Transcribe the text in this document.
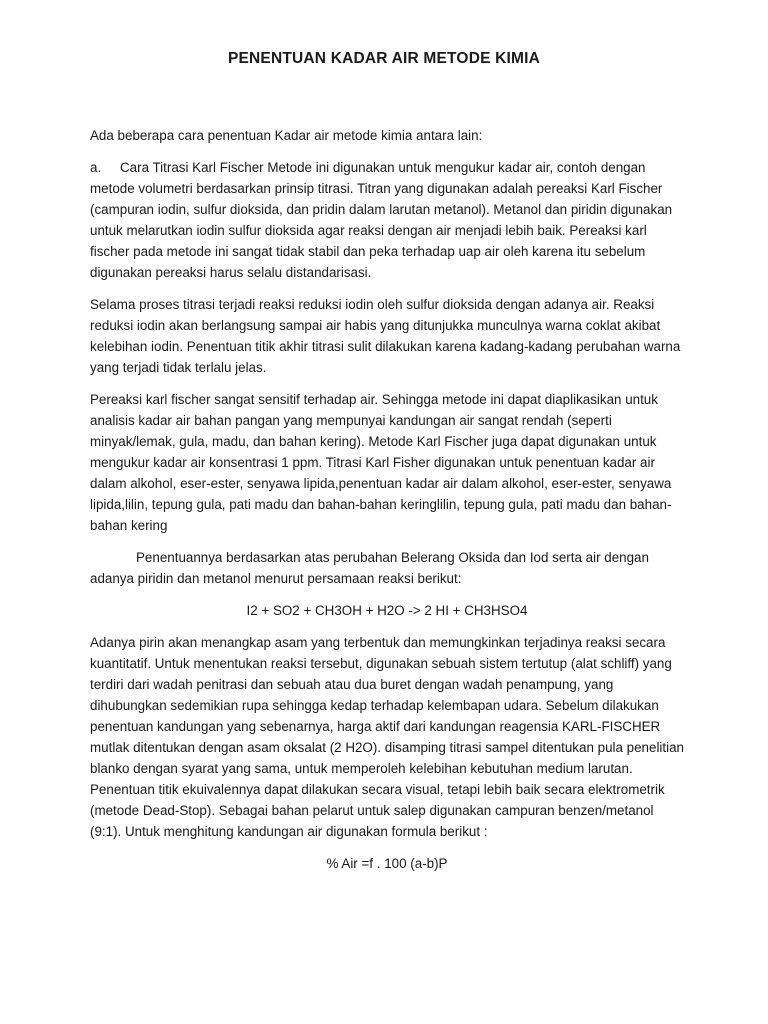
PENENTUAN KADAR AIR METODE KIMIA

Ada beberapa cara penentuan Kadar air metode kimia antara lain:

a. Cara Titrasi Karl Fischer Metode ini digunakan untuk mengukur kadar air, contoh dengan metode volumetri berdasarkan prinsip titrasi. Titran yang digunakan adalah pereaksi Karl Fischer (campuran iodin, sulfur dioksida, dan pridin dalam larutan metanol). Metanol dan piridin digunakan untuk melarutkan iodin sulfur dioksida agar reaksi dengan air menjadi lebih baik. Pereaksi karl fischer pada metode ini sangat tidak stabil dan peka terhadap uap air oleh karena itu sebelum digunakan pereaksi harus selalu distandarisasi.

Selama proses titrasi terjadi reaksi reduksi iodin oleh sulfur dioksida dengan adanya air. Reaksi reduksi iodin akan berlangsung sampai air habis yang ditunjukka munculnya warna coklat akibat kelebihan iodin. Penentuan titik akhir titrasi sulit dilakukan karena kadang-kadang perubahan warna yang terjadi tidak terlalu jelas.

Pereaksi karl fischer sangat sensitif terhadap air. Sehingga metode ini dapat diaplikasikan untuk analisis kadar air bahan pangan yang mempunyai kandungan air sangat rendah (seperti minyak/lemak, gula, madu, dan bahan kering). Metode Karl Fischer juga dapat digunakan untuk mengukur kadar air konsentrasi 1 ppm. Titrasi Karl Fisher digunakan untuk penentuan kadar air dalam alkohol, eser-ester, senyawa lipida,penentuan kadar air dalam alkohol, eser-ester, senyawa lipida,lilin, tepung gula, pati madu dan bahan-bahan keringlilin, tepung gula, pati madu dan bahan-bahan kering

Penentuannya berdasarkan atas perubahan Belerang Oksida dan Iod serta air dengan adanya piridin dan metanol menurut persamaan reaksi berikut:

I2 + SO2 + CH3OH + H2O -> 2 HI + CH3HSO4

Adanya pirin akan menangkap asam yang terbentuk dan memungkinkan terjadinya reaksi secara kuantitatif. Untuk menentukan reaksi tersebut, digunakan sebuah sistem tertutup (alat schliff) yang terdiri dari wadah penitrasi dan sebuah atau dua buret dengan wadah penampung, yang dihubungkan sedemikian rupa sehingga kedap terhadap kelembapan udara. Sebelum dilakukan penentuan kandungan yang sebenarnya, harga aktif dari kandungan reagensia KARL-FISCHER mutlak ditentukan dengan asam oksalat (2 H2O). disamping titrasi sampel ditentukan pula penelitian blanko dengan syarat yang sama, untuk memperoleh kelebihan kebutuhan medium larutan. Penentuan titik ekuivalennya dapat dilakukan secara visual, tetapi lebih baik secara elektrometrik (metode Dead-Stop). Sebagai bahan pelarut untuk salep digunakan campuran benzen/metanol (9:1). Untuk menghitung kandungan air digunakan formula berikut :

% Air =f . 100 (a-b)P
